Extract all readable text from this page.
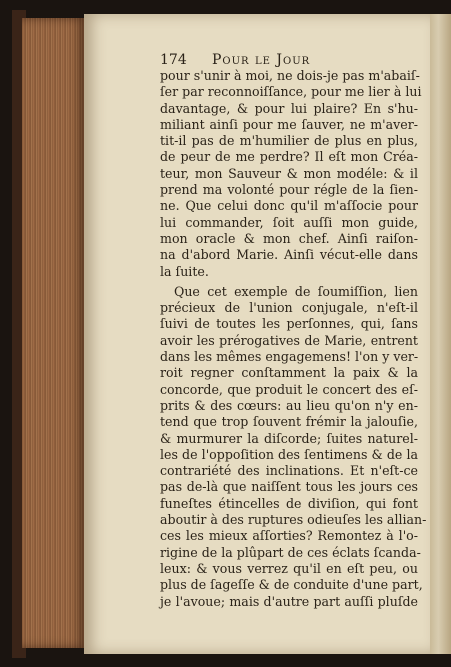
174	Pour le Jour
pour s'unir à moi, ne dois-je pas m'abaiſ-
ſer par reconnoiſſance, pour me lier à lui
davantage, & pour lui plaire? En s'hu-
miliant ainſi pour me ſauver, ne m'aver-
tit-il pas de m'humilier de plus en plus,
de peur de me perdre? Il eſt mon Créa-
teur, mon Sauveur & mon modéle: & il
prend ma volonté pour régle de la ſien-
ne. Que celui donc qu'il m'aſſocie pour
lui commander, ſoit auſſi mon guide,
mon oracle & mon chef. Ainſi raiſon-
na d'abord Marie. Ainſi vécut-elle dans
la ſuite.
Que cet exemple de ſoumiſſion, lien
précieux de l'union conjugale, n'eſt-il
ſuivi de toutes les perſonnes, qui, ſans
avoir les prérogatives de Marie, entrent
dans les mêmes engagemens! l'on y ver-
roit regner conſtamment la paix & la
concorde, que produit le concert des eſ-
prits & des cœurs: au lieu qu'on n'y en-
tend que trop ſouvent frémir la jalouſie,
& murmurer la diſcorde; ſuites naturel-
les de l'oppoſition des ſentimens & de la
contrariété des inclinations. Et n'eſt-ce
pas de-là que naiſſent tous les jours ces
funeſtes étincelles de diviſion, qui font
aboutir à des ruptures odieuſes les allian-
ces les mieux aſſorties? Remontez à l'o-
rigine de la plûpart de ces éclats ſcanda-
leux: & vous verrez qu'il en eſt peu, ou
plus de ſageſſe & de conduite d'une part,
je l'avoue; mais d'autre part auſſi pluſde
